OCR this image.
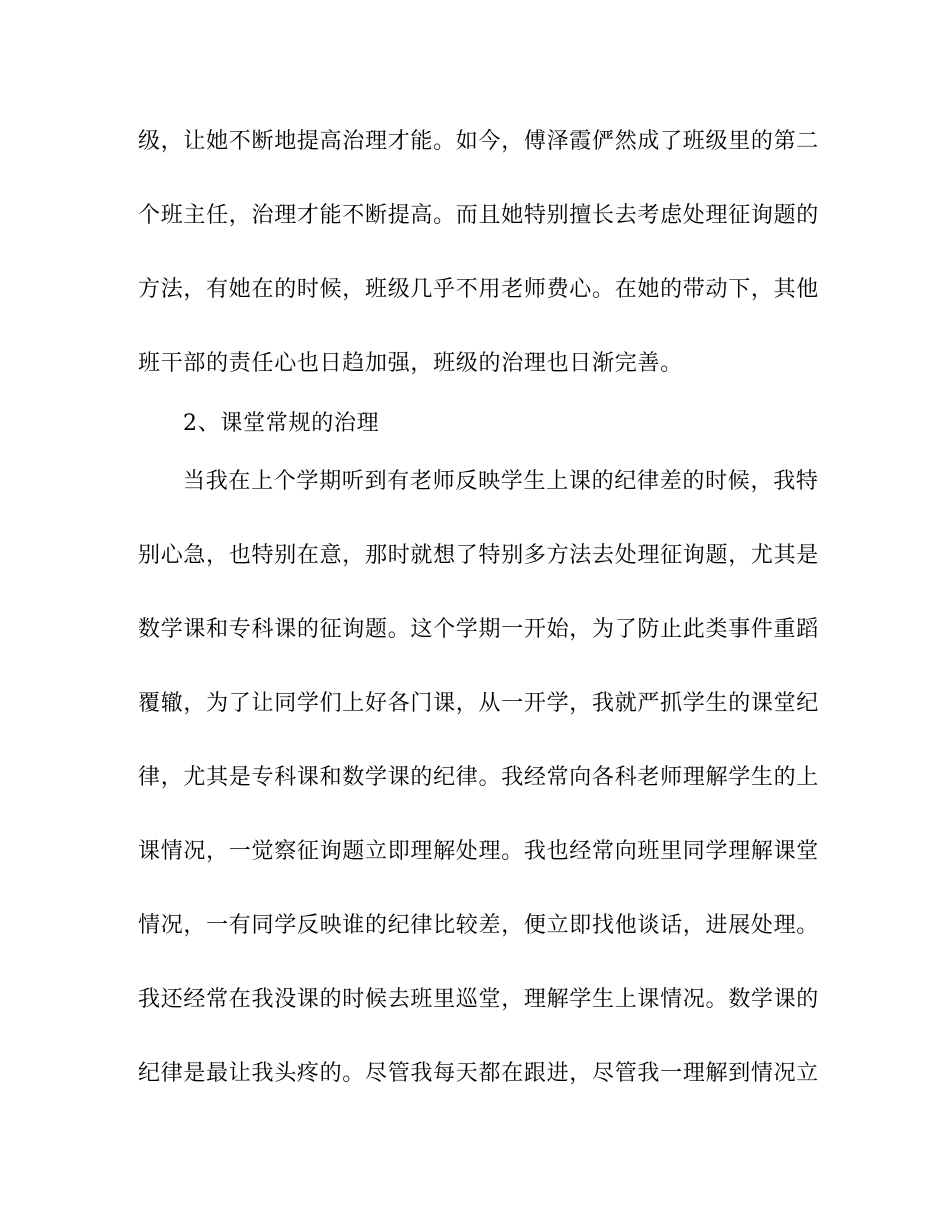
级，让她不断地提高治理才能。如今，傅泽霞俨然成了班级里的第二
个班主任，治理才能不断提高。而且她特别擅长去考虑处理征询题的
方法，有她在的时候，班级几乎不用老师费心。在她的带动下，其他
班干部的责任心也日趋加强，班级的治理也日渐完善。
2、课堂常规的治理
当我在上个学期听到有老师反映学生上课的纪律差的时候，我特
别心急，也特别在意，那时就想了特别多方法去处理征询题，尤其是
数学课和专科课的征询题。这个学期一开始，为了防止此类事件重蹈
覆辙，为了让同学们上好各门课，从一开学，我就严抓学生的课堂纪
律，尤其是专科课和数学课的纪律。我经常向各科老师理解学生的上
课情况，一觉察征询题立即理解处理。我也经常向班里同学理解课堂
情况，一有同学反映谁的纪律比较差，便立即找他谈话，进展处理。
我还经常在我没课的时候去班里巡堂，理解学生上课情况。数学课的
纪律是最让我头疼的。尽管我每天都在跟进，尽管我一理解到情况立
